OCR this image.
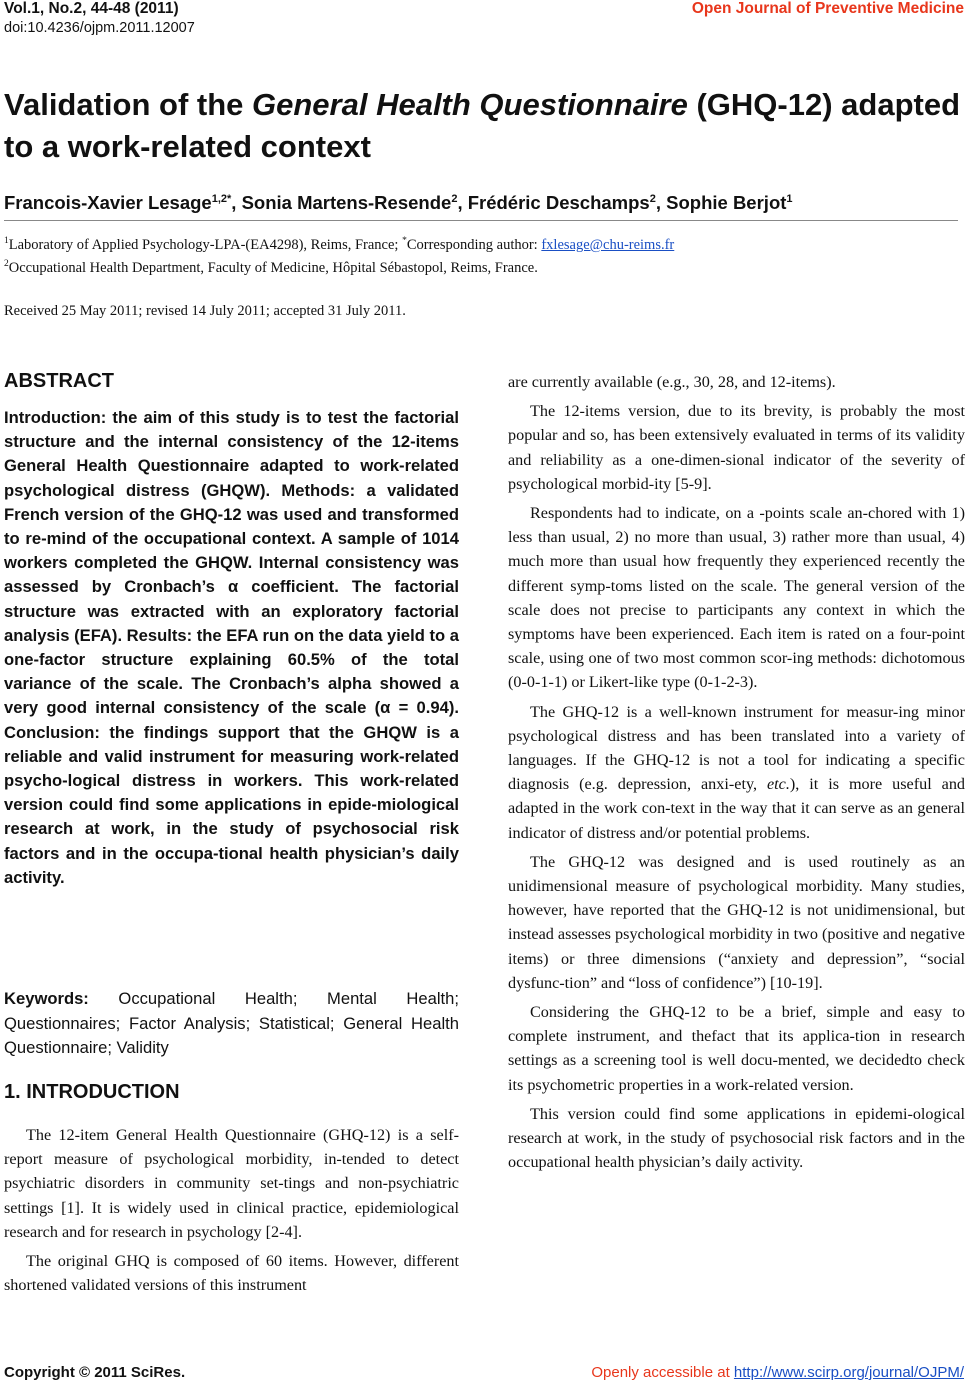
Vol.1, No.2, 44-48 (2011)
doi:10.4236/ojpm.2011.12007
Open Journal of Preventive Medicine
Validation of the General Health Questionnaire (GHQ-12) adapted to a work-related context
Francois-Xavier Lesage$^{1,2*}$, Sonia Martens-Resende$^2$, Frédéric Deschamps$^2$, Sophie Berjot$^1$
$^1$Laboratory of Applied Psychology-LPA-(EA4298), Reims, France; *Corresponding author: fxlesage@chu-reims.fr
$^2$Occupational Health Department, Faculty of Medicine, Hôpital Sébastopol, Reims, France.
Received 25 May 2011; revised 14 July 2011; accepted 31 July 2011.
ABSTRACT

Introduction: the aim of this study is to test the factorial structure and the internal consistency of the 12-items General Health Questionnaire adapted to work-related psychological distress (GHQW). Methods: a validated French version of the GHQ-12 was used and transformed to re-mind of the occupational context. A sample of 1014 workers completed the GHQW. Internal consistency was assessed by Cronbach’s α coefficient. The factorial structure was extracted with an exploratory factorial analysis (EFA). Results: the EFA run on the data yield to a one-factor structure explaining 60.5% of the total variance of the scale. The Cronbach’s alpha showed a very good internal consistency of the scale (α = 0.94). Conclusion: the findings support that the GHQW is a reliable and valid instrument for measuring work-related psycho-logical distress in workers. This work-related version could find some applications in epide-miological research at work, in the study of psychosocial risk factors and in the occupa-tional health physician’s daily activity.

Keywords: Occupational Health; Mental Health; Questionnaires; Factor Analysis; Statistical; General Health Questionnaire; Validity

1. INTRODUCTION

The 12-item General Health Questionnaire (GHQ-12) is a self-report measure of psychological morbidity, in-tended to detect psychiatric disorders in community set-tings and non-psychiatric settings [1]. It is widely used in clinical practice, epidemiological research and for research in psychology [2-4].

The original GHQ is composed of 60 items. However, different shortened validated versions of this instrument

are currently available (e.g., 30, 28, and 12-items).

The 12-items version, due to its brevity, is probably the most popular and so, has been extensively evaluated in terms of its validity and reliability as a one-dimen-sional indicator of the severity of psychological morbid-ity [5-9].

Respondents had to indicate, on a -points scale an-chored with 1) less than usual, 2) no more than usual, 3) rather more than usual, 4) much more than usual how frequently they experienced recently the different symp-toms listed on the scale. The general version of the scale does not precise to participants any context in which the symptoms have been experienced. Each item is rated on a four-point scale, using one of two most common scor-ing methods: dichotomous (0-0-1-1) or Likert-like type (0-1-2-3).

The GHQ-12 is a well-known instrument for measur-ing minor psychological distress and has been translated into a variety of languages. If the GHQ-12 is not a tool for indicating a specific diagnosis (e.g. depression, anxi-ety, etc.), it is more useful and adapted in the work con-text in the way that it can serve as an general indicator of distress and/or potential problems.

The GHQ-12 was designed and is used routinely as an unidimensional measure of psychological morbidity. Many studies, however, have reported that the GHQ-12 is not unidimensional, but instead assesses psychological morbidity in two (positive and negative items) or three dimensions (“anxiety and depression”, “social dysfunc-tion” and “loss of confidence”) [10-19].

Considering the GHQ-12 to be a brief, simple and easy to complete instrument, and thefact that its applica-tion in research settings as a screening tool is well docu-mented, we decidedto check its psychometric properties in a work-related version.

This version could find some applications in epidemi-ological research at work, in the study of psychosocial risk factors and in the occupational health physician’s daily activity.

Copyright © 2011 SciRes.	Openly accessible at http://www.scirp.org/journal/OJPM/
